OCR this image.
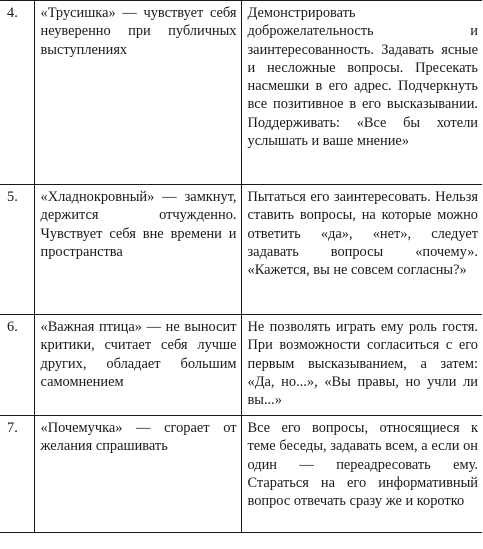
4.	«Трусишка» — чувствует себя неуверенно при публичных выступлениях	Демонстрировать доброжелательность и заинтересованность. Задавать ясные и несложные вопросы. Пресекать насмешки в его адрес. Подчеркнуть все позитивное в его высказывании. Поддерживать: «Все бы хотели услышать и ваше мнение»

5.	«Хладнокровный» — замкнут, держится отчужденно. Чувствует себя вне времени и пространства	Пытаться его заинтересовать. Нельзя ставить вопросы, на которые можно ответить «да», «нет», следует задавать вопросы «почему». «Кажется, вы не совсем согласны?»

6.	«Важная птица» — не выносит критики, считает себя лучше других, обладает большим самомнением	Не позволять играть ему роль гостя. При возможности согласиться с его первым высказыванием, а затем: «Да, но...», «Вы правы, но учли ли вы...»

7.	«Почемучка» — сгорает от желания спрашивать	Все его вопросы, относящиеся к теме беседы, задавать всем, а если он один — переадресовать ему. Стараться на его информативный вопрос отвечать сразу же и коротко
